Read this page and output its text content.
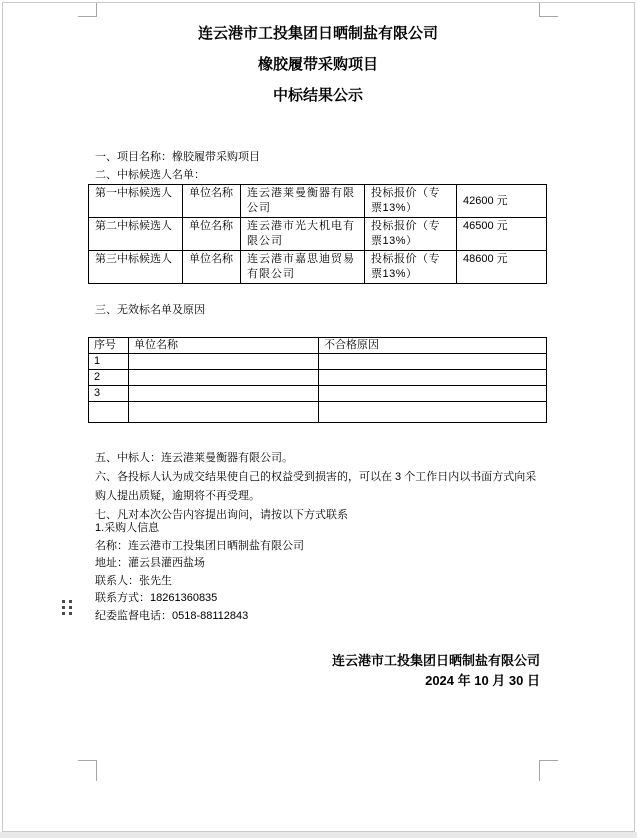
连云港市工投集团日晒制盐有限公司
橡胶履带采购项目
中标结果公示
一、项目名称：橡胶履带采购项目
二、中标候选人名单：
第一中标候选人	单位名称	连云港莱曼衡器有限公司	投标报价（专票13%）	42600 元
第二中标候选人	单位名称	连云港市光大机电有限公司	投标报价（专票13%）	46500 元
第三中标候选人	单位名称	连云港市嘉思迪贸易有限公司	投标报价（专票13%）	48600 元
三、无效标名单及原因
序号	单位名称	不合格原因
1		
2		
3		

五、中标人：连云港莱曼衡器有限公司。
六、各投标人认为成交结果使自己的权益受到损害的，可以在 3 个工作日内以书面方式向采
购人提出质疑，逾期将不再受理。
七、凡对本次公告内容提出询问，请按以下方式联系
1.采购人信息
名称：连云港市工投集团日晒制盐有限公司
地址：灌云县灌西盐场
联系人：张先生
联系方式：18261360835
纪委监督电话：0518-88112843
连云港市工投集团日晒制盐有限公司
2024 年 10 月 30 日
